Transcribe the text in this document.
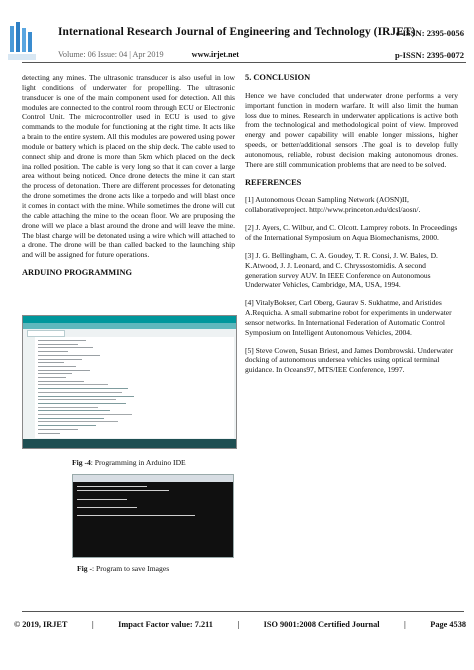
International Research Journal of Engineering and Technology (IRJET)
e-ISSN: 2395-0056
Volume: 06 Issue: 04 | Apr 2019	www.irjet.net	p-ISSN: 2395-0072

detecting any mines. The ultrasonic transducer is also useful in low light conditions of underwater for propelling. The ultrasonic transducer is one of the main component used for detection. All this modules are connected to the control room through ECU or Electronic Control Unit. The microcontroller used in ECU is used to give commands to the module for functioning at the right time. It acts like a brain to the entire system. All this modules are powered using power module or battery which is placed on the ship deck. The cable used to connect ship and drone is more than 5km which placed on the deck ina rolled position. The cable is very long so that it can cover a large area without being noticed. Once drone detects the mine it can start the process of detonation. There are different processes for detonating the drone sometimes the drone acts like a torpedo and will blast once it comes in contact with the mine. While sometimes the drone will cut the cable attaching the mine to the ocean floor. We are pruposing the drone will we place a blast around the drone and will leave the mine. The blast charge will be detonated using a wire which will attached to a drone. The drone will be than called backed to the launching ship and will be assigned for future operations.

ARDUINO PROGRAMMING

Fig -4: Programming in Arduino IDE
Fig -: Program to save Images

5. CONCLUSION

Hence we have concluded that underwater drone performs a very important function in modern warfare. It will also limit the human loss due to mines. Research in underwater applications is active both from the technological and methodological point of view. Improved energy and power capability will enable longer missions, higher speeds, or better/additional sensors .The goal is to develop fully autonomous, reliable, robust decision making autonomous drones. There are still communication problems that are need to be solved.

REFERENCES

[1] Autonomous Ocean Sampling Network (AOSN)II, collaborativeproject. http://www.princeton.edu/dcsl/aosn/.

[2] J. Ayers, C. Wilbur, and C. Olcott. Lamprey robots. In Proceedings of the International Symposium on Aqua Biomechanisms, 2000.

[3] J. G. Bellingham, C. A. Goudey, T. R. Consi, J. W. Bales, D. K.Atwood, J. J. Leonard, and C. Chryssostomidis. A second generation survey AUV. In IEEE Conference on Autonomous Underwater Vehicles, Cambridge, MA, USA, 1994.

[4] VitalyBokser, Carl Oberg, Gaurav S. Sukhatme, and Aristides A.Requicha. A small submarine robot for experiments in underwater sensor networks. In International Federation of Automatic Control Symposium on Intelligent Autonomous Vehicles, 2004.

[5] Steve Cowen, Susan Briest, and James Dombrowski. Underwater docking of autonomous undersea vehicles using optical terminal guidance. In Oceans97, MTS/IEE Conference, 1997.

© 2019, IRJET	|	Impact Factor value: 7.211	|	ISO 9001:2008 Certified Journal	|	Page 4538
